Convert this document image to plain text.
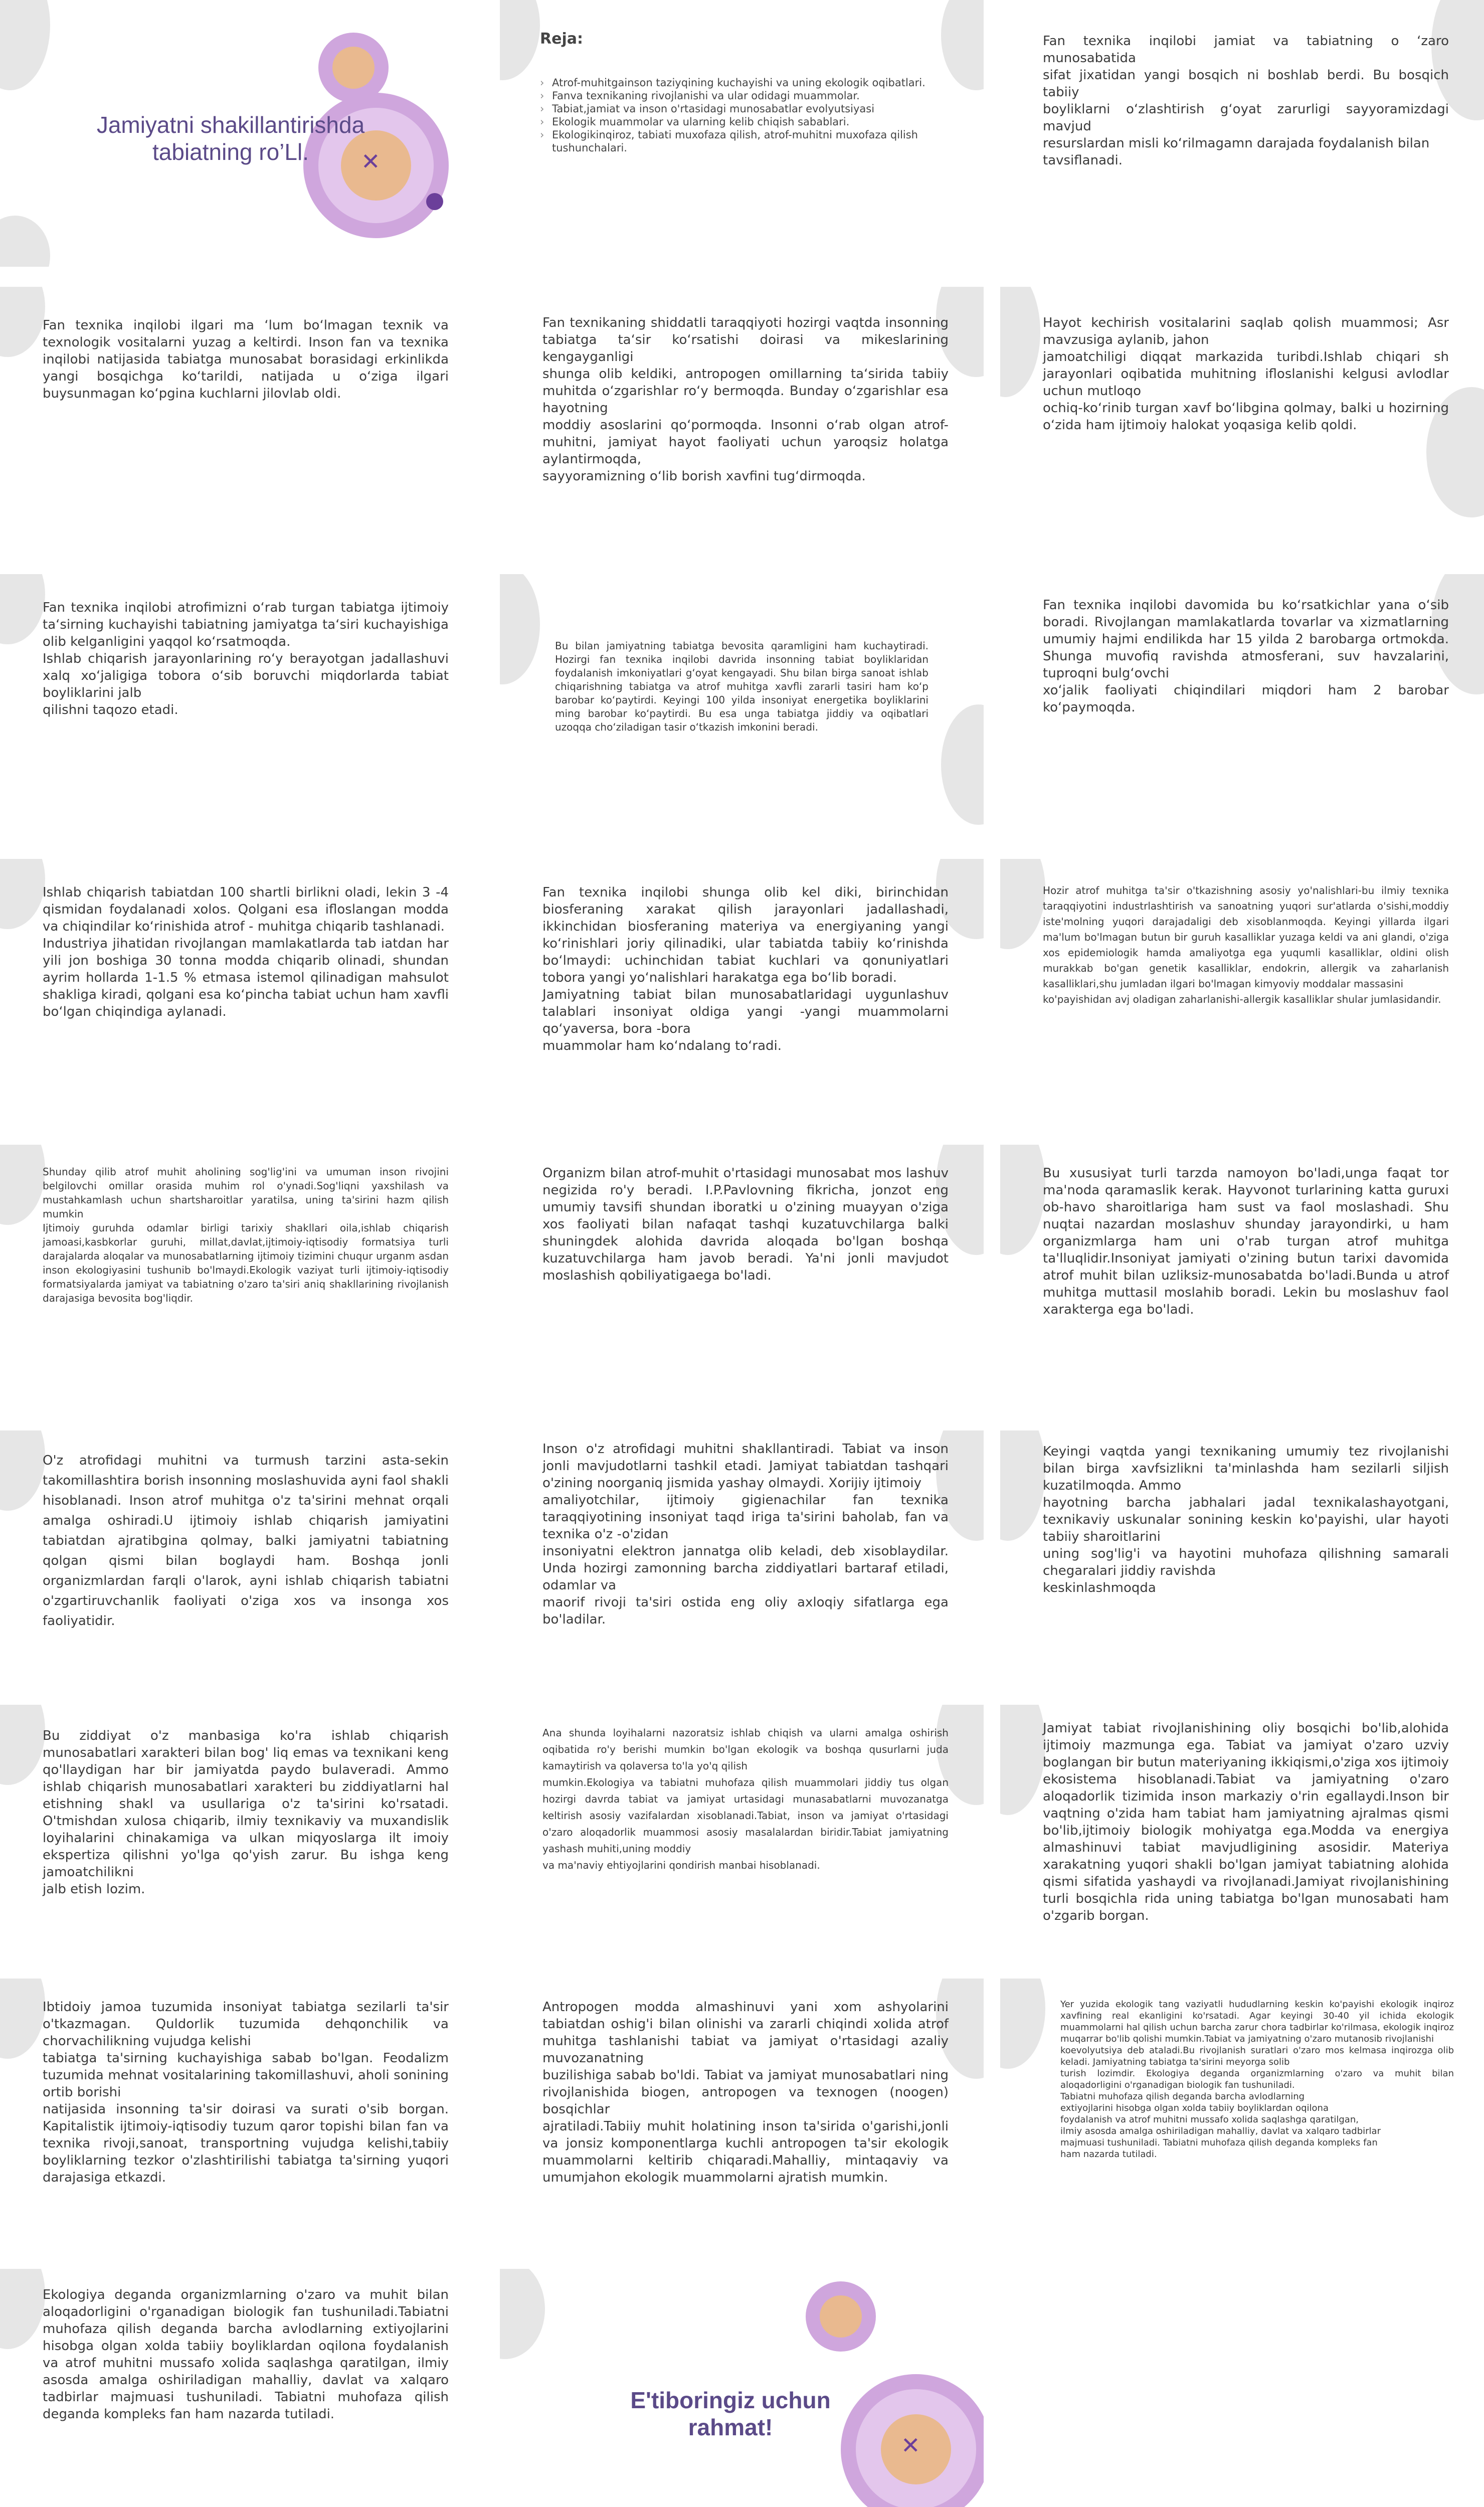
✕
Jamiyatni shakillantirishda tabiatning ro’Ll.
Reja:
› Atrof-muhitgainson taziyqining kuchayishi va uning ekologik oqibatlari.
› Fanva texnikaning rivojlanishi va ular odidagi muammolar.
› Tabiat,jamiat va inson o'rtasidagi munosabatlar evolyutsiyasi
› Ekologik muammolar va ularning kelib chiqish sabablari.
› Ekologikinqiroz, tabiati muxofaza qilish, atrof-muhitni muxofaza qilish tushunchalari.
Fan texnika inqilobi jamiat va tabiatning o ‘zaro munosabatida
sifat jixatidan yangi bosqich ni boshlab berdi. Bu bosqich tabiiy
boyliklarni o‘zlashtirish g‘oyat zarurligi sayyoramizdagi mavjud
resurslardan misli ko‘rilmagamn darajada foydalanish bilan
tavsiflanadi.
Fan texnika inqilobi ilgari ma ‘lum bo‘lmagan texnik va texnologik vositalarni yuzag a keltirdi. Inson fan va texnika inqilobi natijasida tabiatga munosabat borasidagi erkinlikda yangi bosqichga ko‘tarildi, natijada u o‘ziga ilgari buysunmagan ko‘pgina kuchlarni jilovlab oldi.
Fan texnikaning shiddatli taraqqiyoti hozirgi vaqtda insonning tabiatga ta‘sir ko‘rsatishi doirasi va mikeslarining kengayganligi
shunga olib keldiki, antropogen omillarning ta‘sirida tabiiy muhitda o‘zgarishlar ro‘y bermoqda. Bunday o‘zgarishlar esa hayotning
moddiy asoslarini qo‘pormoqda. Insonni o‘rab olgan atrof-muhitni, jamiyat hayot faoliyati uchun yaroqsiz holatga aylantirmoqda,
sayyoramizning o‘lib borish xavfini tug‘dirmoqda.
Hayot kechirish vositalarini saqlab qolish muammosi; Asr mavzusiga aylanib, jahon
jamoatchiligi diqqat markazida turibdi.Ishlab chiqari sh jarayonlari oqibatida muhitning ifloslanishi kelgusi avlodlar uchun mutloqo
ochiq-ko‘rinib turgan xavf bo‘libgina qolmay, balki u hozirning o‘zida ham ijtimoiy halokat yoqasiga kelib qoldi.
Fan texnika inqilobi atrofimizni o‘rab turgan tabiatga ijtimoiy ta‘sirning kuchayishi tabiatning jamiyatga ta‘siri kuchayishiga olib kelganligini yaqqol ko‘rsatmoqda.
Ishlab chiqarish jarayonlarining ro‘y berayotgan jadallashuvi xalq xo‘jaligiga tobora o‘sib boruvchi miqdorlarda tabiat boyliklarini jalb
qilishni taqozo etadi.
Bu bilan jamiyatning tabiatga bevosita qaramligini ham kuchaytiradi. Hozirgi fan texnika inqilobi davrida insonning tabiat boyliklaridan foydalanish imkoniyatlari g‘oyat kengayadi. Shu bilan birga sanoat ishlab chiqarishning tabiatga va atrof muhitga xavfli zararli tasiri ham ko‘p barobar ko‘paytirdi. Keyingi 100 yilda insoniyat energetika boyliklarini ming barobar ko‘paytirdi. Bu esa unga tabiatga jiddiy va oqibatlari uzoqqa cho‘ziladigan tasir o‘tkazish imkonini beradi.
Fan texnika inqilobi davomida bu ko‘rsatkichlar yana o‘sib boradi. Rivojlangan mamlakatlarda tovarlar va xizmatlarning umumiy hajmi endilikda har 15 yilda 2 barobarga ortmokda. Shunga muvofiq ravishda atmosferani, suv havzalarini, tuproqni bulg‘ovchi
xo‘jalik faoliyati chiqindilari miqdori ham 2 barobar ko‘paymoqda.
Ishlab chiqarish tabiatdan 100 shartli birlikni oladi, lekin 3 -4 qismidan foydalanadi xolos. Qolgani esa ifloslangan modda va chiqindilar ko‘rinishida atrof - muhitga chiqarib tashlanadi.
Industriya jihatidan rivojlangan mamlakatlarda tab iatdan har yili jon boshiga 30 tonna modda chiqarib olinadi, shundan ayrim hollarda 1-1.5 % etmasa istemol qilinadigan mahsulot shakliga kiradi, qolgani esa ko‘pincha tabiat uchun ham xavfli bo‘lgan chiqindiga aylanadi.
Fan texnika inqilobi shunga olib kel diki, birinchidan biosferaning xarakat qilish jarayonlari jadallashadi, ikkinchidan biosferaning materiya va energiyaning yangi ko‘rinishlari joriy qilinadiki, ular tabiatda tabiiy ko‘rinishda bo‘lmaydi: uchinchidan tabiat kuchlari va qonuniyatlari tobora yangi yo‘nalishlari harakatga ega bo‘lib boradi.
Jamiyatning tabiat bilan munosabatlaridagi uygunlashuv talablari insoniyat oldiga yangi -yangi muammolarni qo‘yaversa, bora -bora
muammolar ham ko‘ndalang to‘radi.
Hozir atrof muhitga ta'sir o'tkazishning asosiy yo'nalishlari-bu ilmiy texnika taraqqiyotini industrlashtirish va sanoatning yuqori sur'atlarda o'sishi,moddiy iste'molning yuqori darajadaligi deb xisoblanmoqda. Keyingi yillarda ilgari ma'lum bo'lmagan butun bir guruh kasalliklar yuzaga keldi va ani glandi, o'ziga xos epidemiologik hamda amaliyotga ega yuqumli kasalliklar, oldini olish murakkab bo'gan genetik kasalliklar, endokrin, allergik va zaharlanish kasalliklari,shu jumladan ilgari bo'lmagan kimyoviy moddalar massasini
ko'payishidan avj oladigan zaharlanishi-allergik kasalliklar shular jumlasidandir.
Shunday qilib atrof muhit aholining sog'lig'ini va umuman inson rivojini belgilovchi omillar orasida muhim rol o'ynadi.Sog'liqni yaxshilash va mustahkamlash uchun shartsharoitlar yaratilsa, uning ta'sirini hazm qilish mumkin
Ijtimoiy guruhda odamlar birligi tarixiy shakllari oila,ishlab chiqarish jamoasi,kasbkorlar guruhi, millat,davlat,ijtimoiy-iqtisodiy formatsiya turli darajalarda aloqalar va munosabatlarning ijtimoiy tizimini chuqur urganm asdan inson ekologiyasini tushunib bo'lmaydi.Ekologik vaziyat turli ijtimoiy-iqtisodiy formatsiyalarda jamiyat va tabiatning o'zaro ta'siri aniq shakllarining rivojlanish darajasiga bevosita bog'liqdir.
Organizm bilan atrof-muhit o'rtasidagi munosabat mos lashuv negizida ro'y beradi. I.P.Pavlovning fikricha, jonzot eng umumiy tavsifi shundan iboratki u o'zining muayyan o'ziga xos faoliyati bilan nafaqat tashqi kuzatuvchilarga balki shuningdek alohida davrida aloqada bo'lgan boshqa kuzatuvchilarga ham javob beradi. Ya'ni jonli mavjudot moslashish qobiliyatigaega bo'ladi.
Bu xususiyat turli tarzda namoyon bo'ladi,unga faqat tor ma'noda qaramaslik kerak. Hayvonot turlarining katta guruxi ob-havo sharoitlariga ham sust va faol moslashadi. Shu nuqtai nazardan moslashuv shunday jarayondirki, u ham organizmlarga ham uni o'rab turgan atrof muhitga ta'lluqlidir.Insoniyat jamiyati o'zining butun tarixi davomida atrof muhit bilan uzliksiz-munosabatda bo'ladi.Bunda u atrof muhitga muttasil moslahib boradi. Lekin bu moslashuv faol xarakterga ega bo'ladi.
O'z atrofidagi muhitni va turmush tarzini asta-sekin takomillashtira borish insonning moslashuvida ayni faol shakli hisoblanadi. Inson atrof muhitga o'z ta'sirini mehnat orqali amalga oshiradi.U ijtimoiy ishlab chiqarish jamiyatini tabiatdan ajratibgina qolmay, balki jamiyatni tabiatning qolgan qismi bilan boglaydi ham. Boshqa jonli organizmlardan farqli o'larok, ayni ishlab chiqarish tabiatni o'zgartiruvchanlik faoliyati o'ziga xos va insonga xos faoliyatidir.
Inson o'z atrofidagi muhitni shakllantiradi. Tabiat va inson jonli mavjudotlarni tashkil etadi. Jamiyat tabiatdan tashqari o'zining noorganiq jismida yashay olmaydi. Xorijiy ijtimoiy
amaliyotchilar, ijtimoiy gigienachilar fan texnika taraqqiyotining insoniyat taqd iriga ta'sirini baholab, fan va texnika o'z -o'zidan
insoniyatni elektron jannatga olib keladi, deb xisoblaydilar. Unda hozirgi zamonning barcha ziddiyatlari bartaraf etiladi, odamlar va
maorif rivoji ta'siri ostida eng oliy axloqiy sifatlarga ega bo'ladilar.
Keyingi vaqtda yangi texnikaning umumiy tez rivojlanishi bilan birga xavfsizlikni ta'minlashda ham sezilarli siljish kuzatilmoqda. Ammo
hayotning barcha jabhalari jadal texnikalashayotgani, texnikaviy uskunalar sonining keskin ko'payishi, ular hayoti tabiiy sharoitlarini
uning sog'lig'i va hayotini muhofaza qilishning samarali chegaralari jiddiy ravishda
keskinlashmoqda
Bu ziddiyat o'z manbasiga ko'ra ishlab chiqarish munosabatlari xarakteri bilan bog' liq emas va texnikani keng qo'llaydigan har bir jamiyatda paydo bulaveradi. Ammo ishlab chiqarish munosabatlari xarakteri bu ziddiyatlarni hal etishning shakl va usullariga o'z ta'sirini ko'rsatadi. O'tmishdan xulosa chiqarib, ilmiy texnikaviy va muxandislik loyihalarini chinakamiga va ulkan miqyoslarga ilt imoiy ekspertiza qilishni yo'lga qo'yish zarur. Bu ishga keng jamoatchilikni
jalb etish lozim.
Ana shunda loyihalarni nazoratsiz ishlab chiqish va ularni amalga oshirish oqibatida ro'y berishi mumkin bo'lgan ekologik va boshqa qusurlarni juda kamaytirish va qolaversa to'la yo'q qilish
mumkin.Ekologiya va tabiatni muhofaza qilish muammolari jiddiy tus olgan hozirgi davrda tabiat va jamiyat urtasidagi munasabatlarni muvozanatga keltirish asosiy vazifalardan xisoblanadi.Tabiat, inson va jamiyat o'rtasidagi o'zaro aloqadorlik muammosi asosiy masalalardan biridir.Tabiat jamiyatning yashash muhiti,uning moddiy
va ma'naviy ehtiyojlarini qondirish manbai hisoblanadi.
Jamiyat tabiat rivojlanishining oliy bosqichi bo'lib,alohida ijtimoiy mazmunga ega. Tabiat va jamiyat o'zaro uzviy boglangan bir butun materiyaning ikkiqismi,o'ziga xos ijtimoiy ekosistema hisoblanadi.Tabiat va jamiyatning o'zaro aloqadorlik tizimida inson markaziy o'rin egallaydi.Inson bir vaqtning o'zida ham tabiat ham jamiyatning ajralmas qismi bo'lib,ijtimoiy biologik mohiyatga ega.Modda va energiya almashinuvi tabiat mavjudligining asosidir. Materiya xarakatning yuqori shakli bo'lgan jamiyat tabiatning alohida qismi sifatida yashaydi va rivojlanadi.Jamiyat rivojlanishining turli bosqichla rida uning tabiatga bo'lgan munosabati ham o'zgarib borgan.
Ibtidoiy jamoa tuzumida insoniyat tabiatga sezilarli ta'sir o'tkazmagan. Quldorlik tuzumida dehqonchilik va chorvachilikning vujudga kelishi
tabiatga ta'sirning kuchayishiga sabab bo'lgan. Feodalizm tuzumida mehnat vositalarining takomillashuvi, aholi sonining ortib borishi
natijasida insonning ta'sir doirasi va surati o'sib borgan. Kapitalistik ijtimoiy-iqtisodiy tuzum qaror topishi bilan fan va texnika rivoji,sanoat, transportning vujudga kelishi,tabiiy boyliklarning tezkor o'zlashtirilishi tabiatga ta'sirning yuqori darajasiga etkazdi.
Antropogen modda almashinuvi yani xom ashyolarini tabiatdan oshig'i bilan olinishi va zararli chiqindi xolida atrof muhitga tashlanishi tabiat va jamiyat o'rtasidagi azaliy muvozanatning
buzilishiga sabab bo'ldi. Tabiat va jamiyat munosabatlari ning rivojlanishida biogen, antropogen va texnogen (noogen) bosqichlar
ajratiladi.Tabiiy muhit holatining inson ta'sirida o'garishi,jonli va jonsiz komponentlarga kuchli antropogen ta'sir ekologik muammolarni keltirib chiqaradi.Mahalliy, mintaqaviy va umumjahon ekologik muammolarni ajratish mumkin.
Yer yuzida ekologik tang vaziyatli hududlarning keskin ko'payishi ekologik inqiroz xavfining real ekanligini ko'rsatadi. Agar keyingi 30-40 yil ichida ekologik muammolarni hal qilish uchun barcha zarur chora tadbirlar ko'rilmasa, ekologik inqiroz muqarrar bo'lib qolishi mumkin.Tabiat va jamiyatning o'zaro mutanosib rivojlanishi
koevolyutsiya deb ataladi.Bu rivojlanish suratlari o'zaro mos kelmasa inqirozga olib keladi. Jamiyatning tabiatga ta'sirini meyorga solib
turish lozimdir. Ekologiya deganda organizmlarning o'zaro va muhit bilan aloqadorligini o'rganadigan biologik fan tushuniladi.
Tabiatni muhofaza qilish deganda barcha avlodlarning
extiyojlarini hisobga olgan xolda tabiiy boyliklardan oqilona
foydalanish va atrof muhitni mussafo xolida saqlashga qaratilgan,
ilmiy asosda amalga oshiriladigan mahalliy, davlat va xalqaro tadbirlar
majmuasi tushuniladi. Tabiatni muhofaza qilish deganda kompleks fan
ham nazarda tutiladi.
Ekologiya deganda organizmlarning o'zaro va muhit bilan aloqadorligini o'rganadigan biologik fan tushuniladi.Tabiatni muhofaza qilish deganda barcha avlodlarning extiyojlarini hisobga olgan xolda tabiiy boyliklardan oqilona foydalanish va atrof muhitni mussafo xolida saqlashga qaratilgan, ilmiy asosda amalga oshiriladigan mahalliy, davlat va xalqaro tadbirlar majmuasi tushuniladi. Tabiatni muhofaza qilish deganda kompleks fan ham nazarda tutiladi.
✕
E'tiboringiz uchun rahmat!
